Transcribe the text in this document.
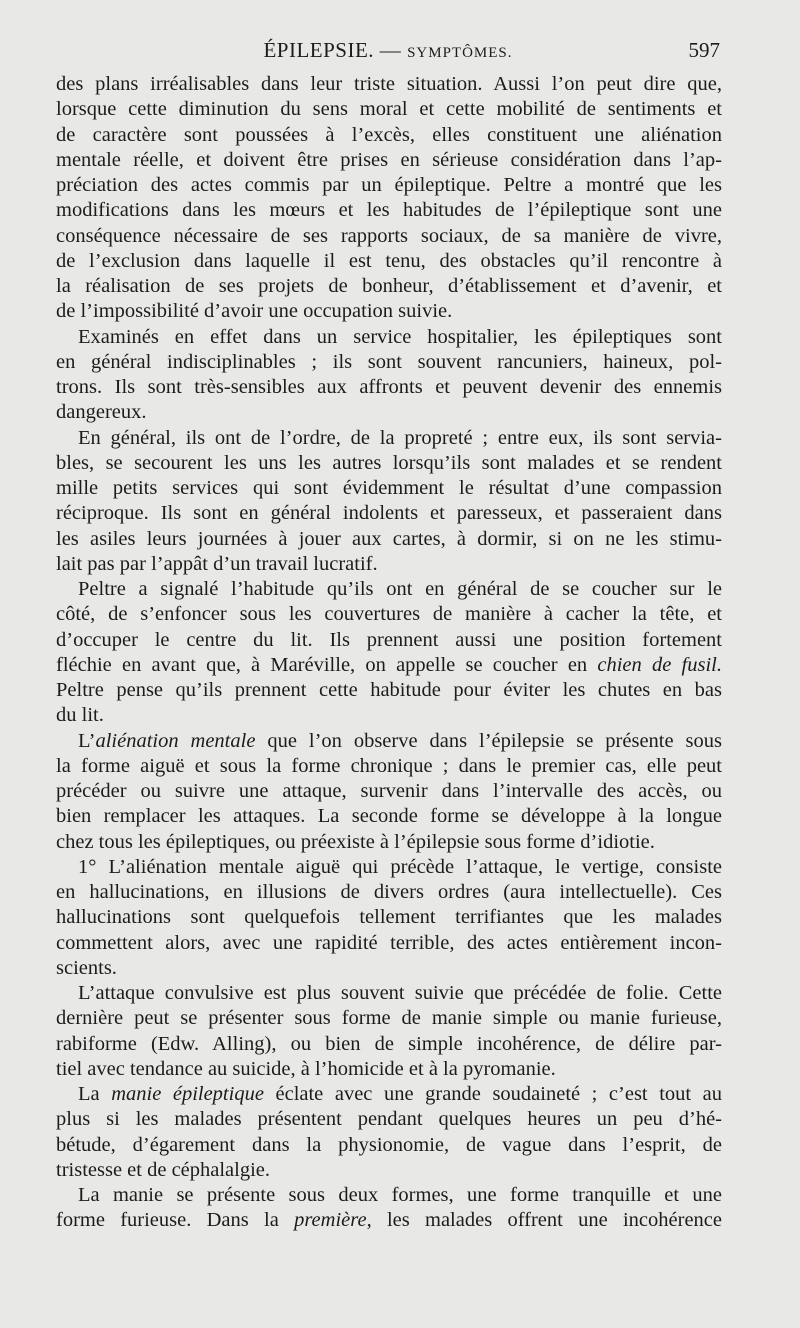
ÉPILEPSIE. — SYMPTÔMES.	597
des plans irréalisables dans leur triste situation. Aussi l’on peut dire que,
lorsque cette diminution du sens moral et cette mobilité de sentiments et
de caractère sont poussées à l’excès, elles constituent une aliénation
mentale réelle, et doivent être prises en sérieuse considération dans l’ap-
préciation des actes commis par un épileptique. Peltre a montré que les
modifications dans les mœurs et les habitudes de l’épileptique sont une
conséquence nécessaire de ses rapports sociaux, de sa manière de vivre,
de l’exclusion dans laquelle il est tenu, des obstacles qu’il rencontre à
la réalisation de ses projets de bonheur, d’établissement et d’avenir, et
de l’impossibilité d’avoir une occupation suivie.
Examinés en effet dans un service hospitalier, les épileptiques sont
en général indisciplinables ; ils sont souvent rancuniers, haineux, pol-
trons. Ils sont très-sensibles aux affronts et peuvent devenir des ennemis
dangereux.
En général, ils ont de l’ordre, de la propreté ; entre eux, ils sont servia-
bles, se secourent les uns les autres lorsqu’ils sont malades et se rendent
mille petits services qui sont évidemment le résultat d’une compassion
réciproque. Ils sont en général indolents et paresseux, et passeraient dans
les asiles leurs journées à jouer aux cartes, à dormir, si on ne les stimu-
lait pas par l’appât d’un travail lucratif.
Peltre a signalé l’habitude qu’ils ont en général de se coucher sur le
côté, de s’enfoncer sous les couvertures de manière à cacher la tête, et
d’occuper le centre du lit. Ils prennent aussi une position fortement
fléchie en avant que, à Maréville, on appelle se coucher en chien de fusil.
Peltre pense qu’ils prennent cette habitude pour éviter les chutes en bas
du lit.
L’aliénation mentale que l’on observe dans l’épilepsie se présente sous
la forme aiguë et sous la forme chronique ; dans le premier cas, elle peut
précéder ou suivre une attaque, survenir dans l’intervalle des accès, ou
bien remplacer les attaques. La seconde forme se développe à la longue
chez tous les épileptiques, ou préexiste à l’épilepsie sous forme d’idiotie.
1° L’aliénation mentale aiguë qui précède l’attaque, le vertige, consiste
en hallucinations, en illusions de divers ordres (aura intellectuelle). Ces
hallucinations sont quelquefois tellement terrifiantes que les malades
commettent alors, avec une rapidité terrible, des actes entièrement incon-
scients.
L’attaque convulsive est plus souvent suivie que précédée de folie. Cette
dernière peut se présenter sous forme de manie simple ou manie furieuse,
rabiforme (Edw. Alling), ou bien de simple incohérence, de délire par-
tiel avec tendance au suicide, à l’homicide et à la pyromanie.
La manie épileptique éclate avec une grande soudaineté ; c’est tout au
plus si les malades présentent pendant quelques heures un peu d’hé-
bétude, d’égarement dans la physionomie, de vague dans l’esprit, de
tristesse et de céphalalgie.
La manie se présente sous deux formes, une forme tranquille et une
forme furieuse. Dans la première, les malades offrent une incohérence
